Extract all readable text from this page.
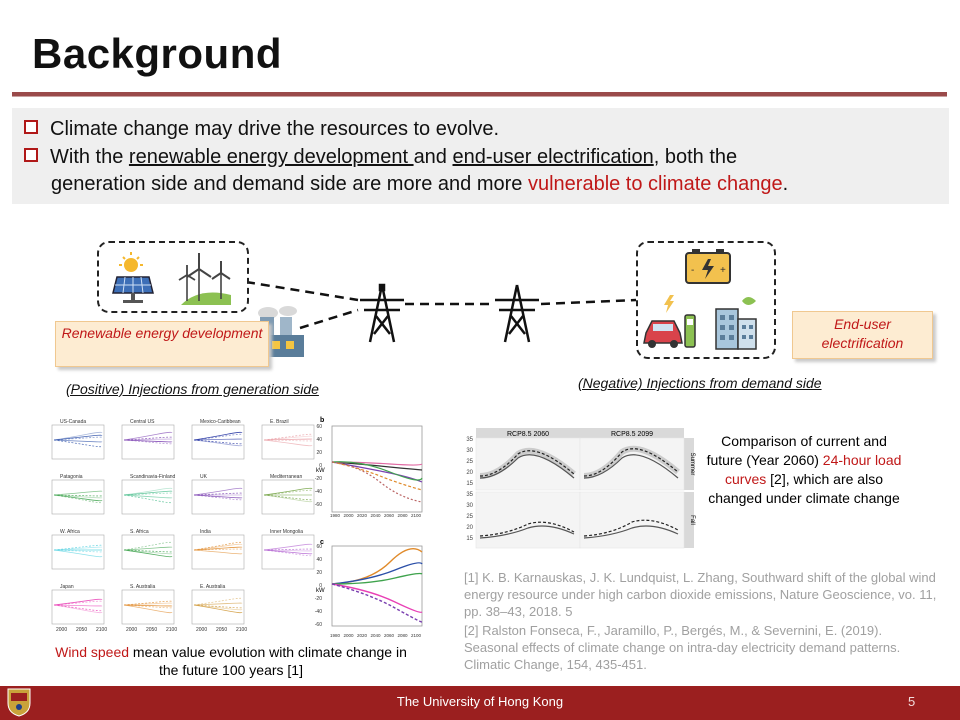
Background
Climate change may drive the resources to evolve.
With the renewable energy development and end-user electrification, both the
generation side and demand side are more and more vulnerable to climate change.
-	+
Renewable energy development
End-user electrification
(Positive) Injections from generation side	(Negative) Injections from demand side
US-Canada	Central US	Mexico-Caribbean	E. Brazil
Patagonia	Scandinavia-Finland	UK	Mediterranean
W. Africa	S. Africa	India	Inner Mongolia
Japan
2000 2050 2100
S. Australia
2000 2050 2100
E. Australia
2000 2050 2100
b
c
kW
kW
1980
1980
2000
2000
2020
2020
2040
2040
2060
2060
2080
2080
2100
2100
60
60
40
40
20
20
0
0
-20
-20
-40
-40
-60
-60
Wind speed mean value evolution with climate change in the future 100 years [1]
RCP8.5 2060	RCP8.5 2099
Summer
Fall
35
35
30
30
25
25
20
20
15
15
Comparison of current and future (Year 2060) 24-hour load curves [2], which are also changed under climate change
[1] K. B. Karnauskas, J. K. Lundquist, L. Zhang, Southward shift of the global wind energy resource under high carbon dioxide emissions, Nature Geoscience, vo. 11, pp. 38–43, 2018. 5
[2] Ralston Fonseca, F., Jaramillo, P., Bergés, M., & Severnini, E. (2019). Seasonal effects of climate change on intra-day electricity demand patterns. Climatic Change, 154, 435-451.
The University of Hong Kong	5
